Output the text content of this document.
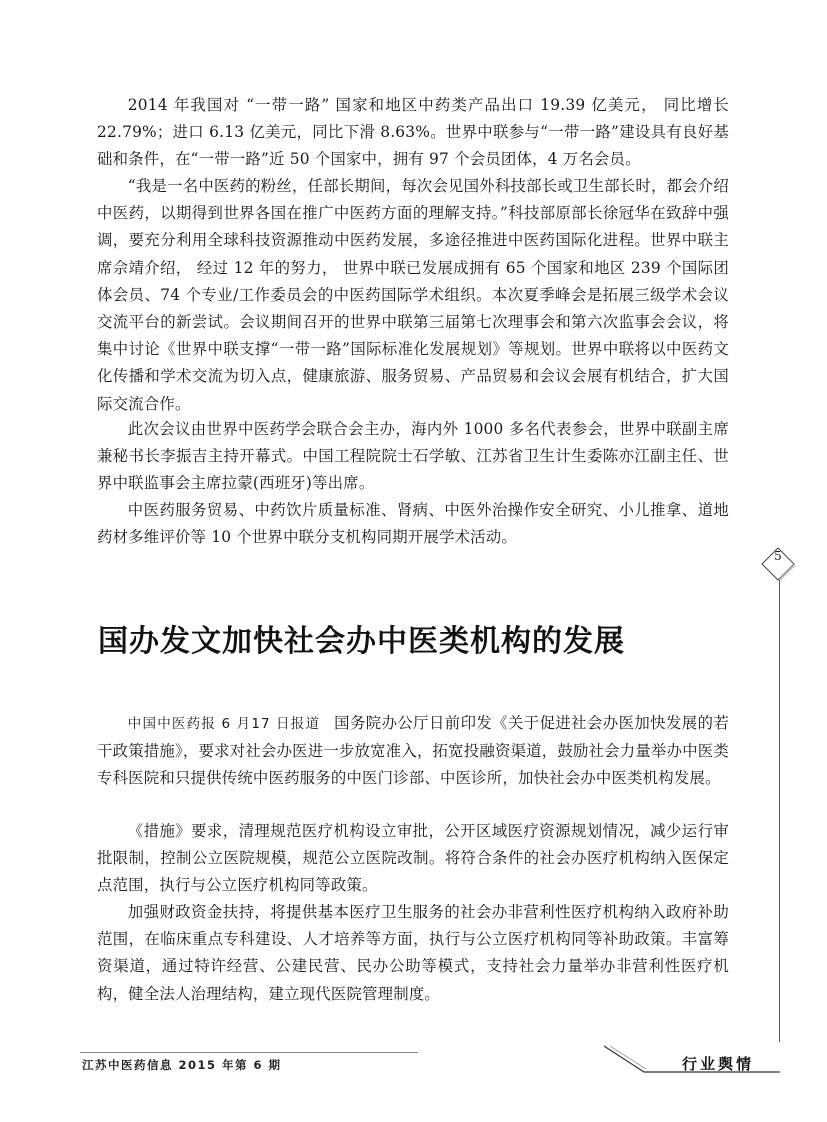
2014 年我国对 “一带一路” 国家和地区中药类产品出口 19.39 亿美元， 同比增长 22.79%；进口 6.13 亿美元，同比下滑 8.63%。世界中联参与“一带一路”建设具有良好基础和条件，在“一带一路”近 50 个国家中，拥有 97 个会员团体，4 万名会员。

“我是一名中医药的粉丝，任部长期间，每次会见国外科技部长或卫生部长时，都会介绍中医药，以期得到世界各国在推广中医药方面的理解支持。”科技部原部长徐冠华在致辞中强调，要充分利用全球科技资源推动中医药发展，多途径推进中医药国际化进程。世界中联主席佘靖介绍， 经过 12 年的努力， 世界中联已发展成拥有 65 个国家和地区 239 个国际团体会员、74 个专业/工作委员会的中医药国际学术组织。本次夏季峰会是拓展三级学术会议交流平台的新尝试。会议期间召开的世界中联第三届第七次理事会和第六次监事会会议，将集中讨论《世界中联支撑“一带一路”国际标准化发展规划》等规划。世界中联将以中医药文化传播和学术交流为切入点，健康旅游、服务贸易、产品贸易和会议会展有机结合，扩大国际交流合作。

此次会议由世界中医药学会联合会主办，海内外 1000 多名代表参会，世界中联副主席兼秘书长李振吉主持开幕式。中国工程院院士石学敏、江苏省卫生计生委陈亦江副主任、世界中联监事会主席拉蒙(西班牙)等出席。

中医药服务贸易、中药饮片质量标准、肾病、中医外治操作安全研究、小儿推拿、道地药材多维评价等 10 个世界中联分支机构同期开展学术活动。

5
国办发文加快社会办中医类机构的发展

中国中医药报 6 月17 日报道 国务院办公厅日前印发《关于促进社会办医加快发展的若干政策措施》，要求对社会办医进一步放宽准入，拓宽投融资渠道，鼓励社会力量举办中医类专科医院和只提供传统中医药服务的中医门诊部、中医诊所，加快社会办中医类机构发展。

《措施》要求，清理规范医疗机构设立审批，公开区域医疗资源规划情况，减少运行审批限制，控制公立医院规模，规范公立医院改制。将符合条件的社会办医疗机构纳入医保定点范围，执行与公立医疗机构同等政策。

加强财政资金扶持，将提供基本医疗卫生服务的社会办非营利性医疗机构纳入政府补助范围，在临床重点专科建设、人才培养等方面，执行与公立医疗机构同等补助政策。丰富筹资渠道，通过特许经营、公建民营、民办公助等模式，支持社会力量举办非营利性医疗机构，健全法人治理结构，建立现代医院管理制度。

江苏中医药信息 2015 年第 6 期	行业舆情
